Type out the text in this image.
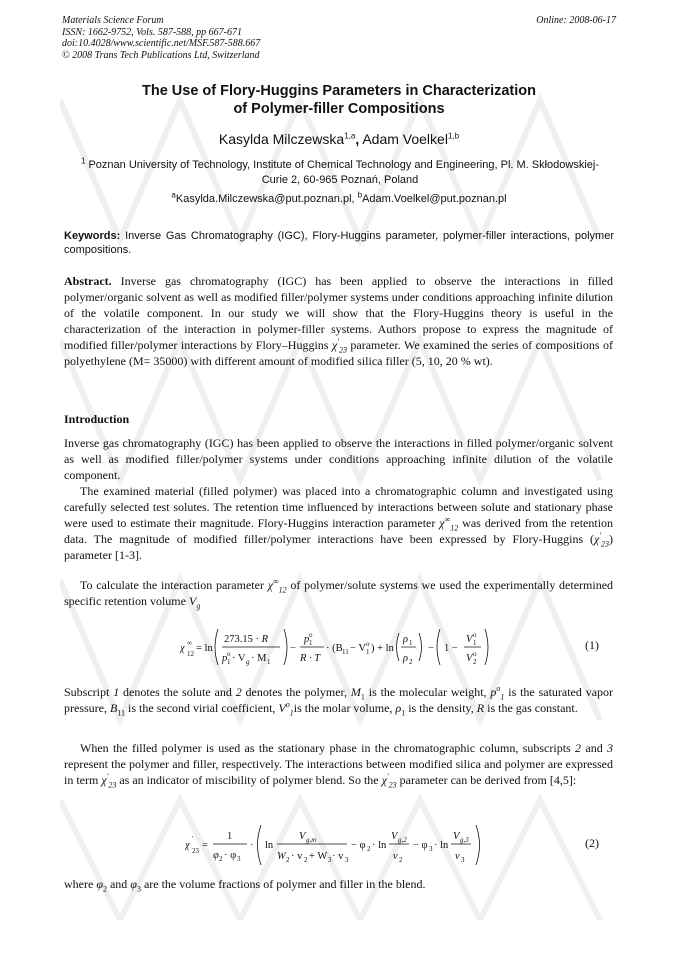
Materials Science Forum
ISSN: 1662-9752, Vols. 587-588, pp 667-671
doi:10.4028/www.scientific.net/MSF.587-588.667
© 2008 Trans Tech Publications Ltd, Switzerland
Online: 2008-06-17
The Use of Flory-Huggins Parameters in Characterization
of Polymer-filler Compositions
Kasylda Milczewska$^{1,a}$, Adam Voelkel$^{1,b}$
$^1$ Poznan University of Technology, Institute of Chemical Technology and Engineering, Pl. M. Skłodowskiej-Curie 2, 60-965 Poznań, Poland
$^a$Kasylda.Milczewska@put.poznan.pl, $^b$Adam.Voelkel@put.poznan.pl
Keywords: Inverse Gas Chromatography (IGC), Flory-Huggins parameter, polymer-filler interactions, polymer compositions.
Abstract. Inverse gas chromatography (IGC) has been applied to observe the interactions in filled polymer/organic solvent as well as modified filler/polymer systems under conditions approaching infinite dilution of the volatile component. In our study we will show that the Flory-Huggins theory is useful in the characterization of the interaction in polymer-filler systems. Authors propose to express the magnitude of modified filler/polymer interactions by Flory–Huggins $\chi'_{23}$ parameter. We examined the series of compositions of polyethylene (M= 35000) with different amount of modified silica filler (5, 10, 20 % wt).
Introduction
Inverse gas chromatography (IGC) has been applied to observe the interactions in filled polymer/organic solvent as well as modified filler/polymer systems under conditions approaching infinite dilution of the volatile component.
The examined material (filled polymer) was placed into a chromatographic column and investigated using carefully selected test solutes. The retention time influenced by interactions between solute and stationary phase were used to estimate their magnitude. Flory-Huggins interaction parameter $\chi^\infty_{12}$ was derived from the retention data. The magnitude of modified filler/polymer interactions have been expressed by Flory-Huggins $(\chi'_{23})$ parameter [1-3].
To calculate the interaction parameter $\chi^\infty_{12}$ of polymer/solute systems we used the experimentally determined specific retention volume $V_g$
χ 12
∞ = ln
273.15 · R
p 1
o · V g · M 1
−
p 1
o
R · T
· (B 11 − V 1
o ) + ln
ρ 1
ρ 2
− 1 −
V 1
o
V 2
o
(1)
Subscript 1 denotes the solute and 2 denotes the polymer, $M_1$ is the molecular weight, $p^o_1$ is the saturated vapor pressure, $B_{11}$ is the second virial coefficient, $V^o_1is$ the molar volume, $\rho_1$ is the density, R is the gas constant.
When the filled polymer is used as the stationary phase in the chromatographic column, subscripts 2 and 3 represent the polymer and filler, respectively. The interactions between modified silica and polymer are expressed in term $\chi'_{23}$ as an indicator of miscibility of polymer blend. So the $\chi'_{23}$ parameter can be derived from [4,5]:
χ 23
'
=
1
φ 2 · φ 3
· ln
V g,m
W 2 · v 2 + W 3 · v 3
− φ 2 · ln
V g,2
v 2
− φ 3 · ln
V g,3
v 3
(2)
where $\varphi_2$ and $\varphi_3$ are the volume fractions of polymer and filler in the blend.
